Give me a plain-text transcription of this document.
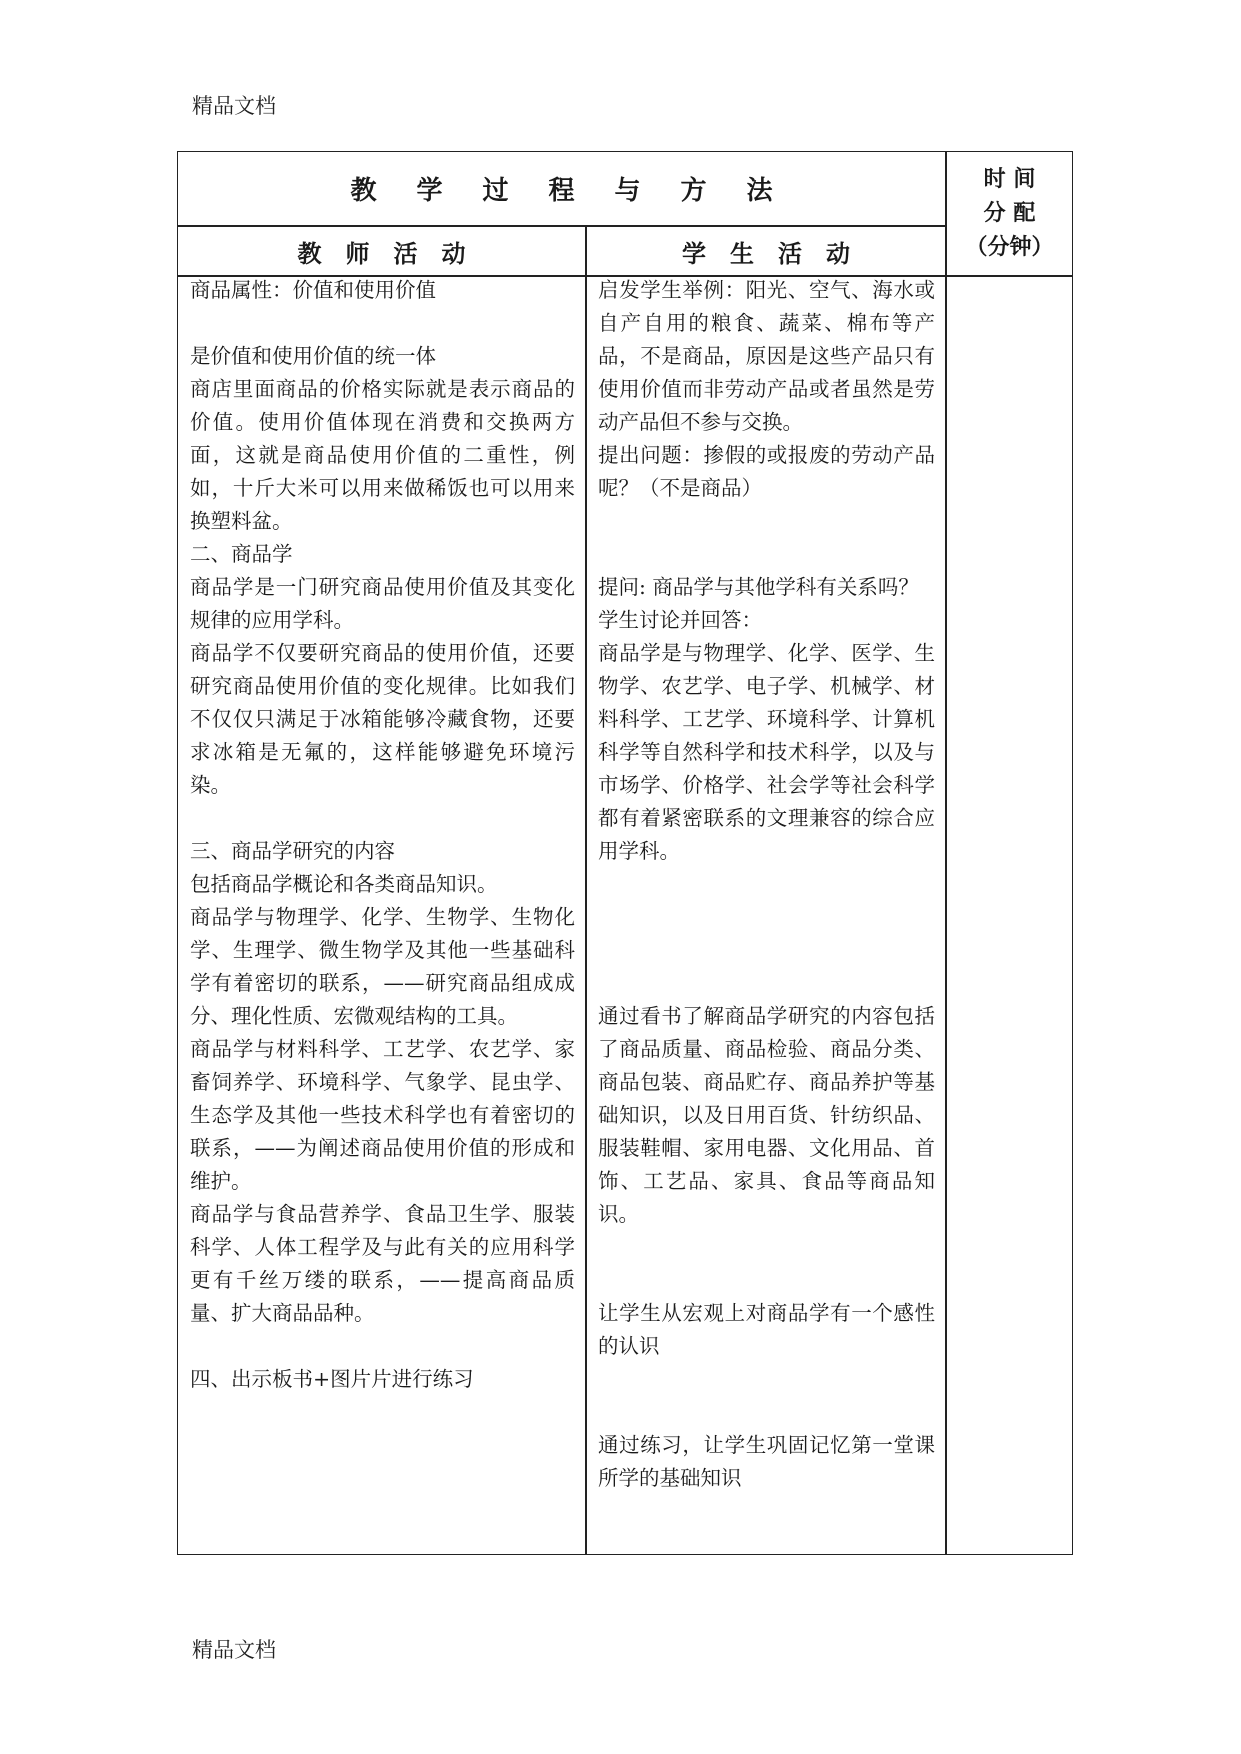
精品文档
教学过程与方法	时 间
分 配
（分钟）
教师活动	学生活动
商品属性：价值和使用价值

是价值和使用价值的统一体
商店里面商品的价格实际就是表示商品的价值。使用价值体现在消费和交换两方面，这就是商品使用价值的二重性，例如，十斤大米可以用来做稀饭也可以用来换塑料盆。
二、商品学
商品学是一门研究商品使用价值及其变化规律的应用学科。
商品学不仅要研究商品的使用价值，还要研究商品使用价值的变化规律。比如我们不仅仅只满足于冰箱能够冷藏食物，还要求冰箱是无氟的，这样能够避免环境污染。

三、商品学研究的内容
包括商品学概论和各类商品知识。
商品学与物理学、化学、生物学、生物化学、生理学、微生物学及其他一些基础科学有着密切的联系，——研究商品组成成分、理化性质、宏微观结构的工具。
商品学与材料科学、工艺学、农艺学、家畜饲养学、环境科学、气象学、昆虫学、生态学及其他一些技术科学也有着密切的联系，——为阐述商品使用价值的形成和维护。
商品学与食品营养学、食品卫生学、服装科学、人体工程学及与此有关的应用科学更有千丝万缕的联系，——提高商品质量、扩大商品品种。

四、出示板书+图片片进行练习
启发学生举例：阳光、空气、海水或自产自用的粮食、蔬菜、棉布等产品，不是商品，原因是这些产品只有使用价值而非劳动产品或者虽然是劳动产品但不参与交换。
提出问题：掺假的或报废的劳动产品呢？（不是商品）

提问: 商品学与其他学科有关系吗？
学生讨论并回答：
商品学是与物理学、化学、医学、生物学、农艺学、电子学、机械学、材料科学、工艺学、环境科学、计算机科学等自然科学和技术科学，以及与市场学、价格学、社会学等社会科学都有着紧密联系的文理兼容的综合应用学科。

通过看书了解商品学研究的内容包括了商品质量、商品检验、商品分类、商品包装、商品贮存、商品养护等基础知识，以及日用百货、针纺织品、服装鞋帽、家用电器、文化用品、首饰、工艺品、家具、食品等商品知识。

让学生从宏观上对商品学有一个感性的认识

通过练习，让学生巩固记忆第一堂课所学的基础知识
精品文档
